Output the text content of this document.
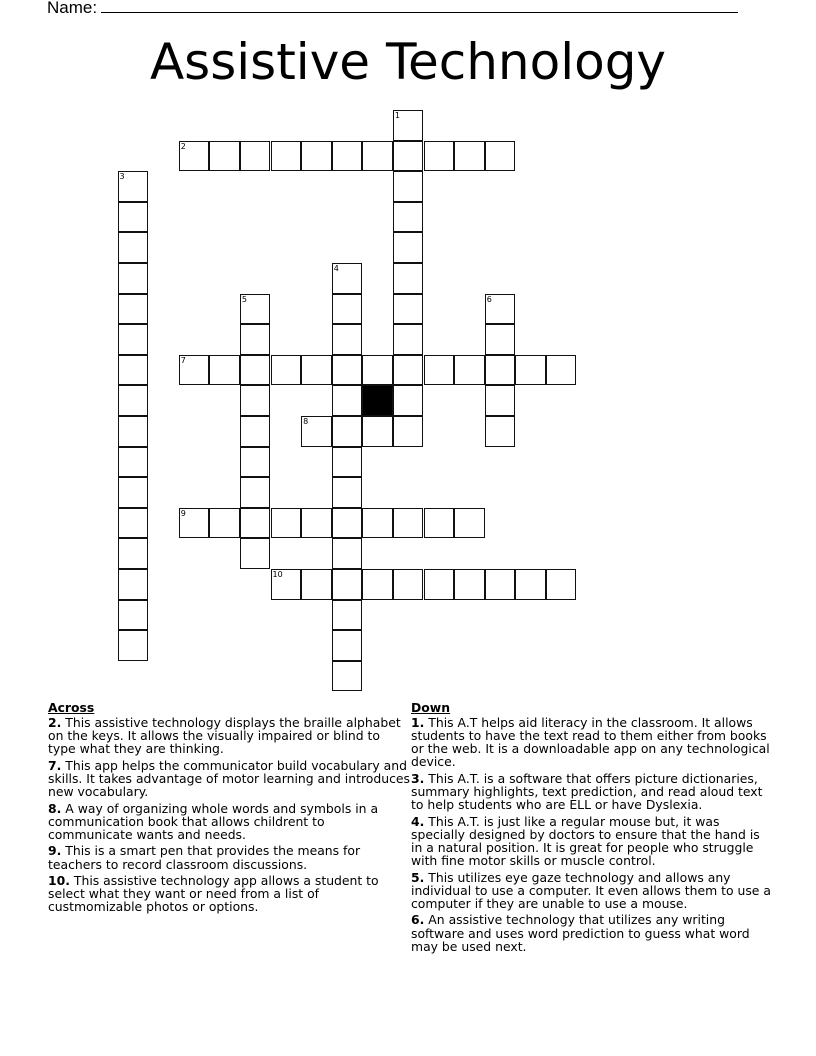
Name:
Assistive Technology
1
2
3
4
5	6
7
8
9
10
Across
2. This assistive technology displays the braille alphabet on the keys. It allows the visually impaired or blind to type what they are thinking.
7. This app helps the communicator build vocabulary and skills. It takes advantage of motor learning and introduces new vocabulary.
8. A way of organizing whole words and symbols in a communication book that allows childrent to communicate wants and needs.
9. This is a smart pen that provides the means for teachers to record classroom discussions.
10. This assistive technology app allows a student to select what they want or need from a list of custmomizable photos or options.
Down
1. This A.T helps aid literacy in the classroom. It allows students to have the text read to them either from books or the web. It is a downloadable app on any technological device.
3. This A.T. is a software that offers picture dictionaries, summary highlights, text prediction, and read aloud text to help students who are ELL or have Dyslexia.
4. This A.T. is just like a regular mouse but, it was specially designed by doctors to ensure that the hand is in a natural position. It is great for people who struggle with fine motor skills or muscle control.
5. This utilizes eye gaze technology and allows any individual to use a computer. It even allows them to use a computer if they are unable to use a mouse.
6. An assistive technology that utilizes any writing software and uses word prediction to guess what word may be used next.
